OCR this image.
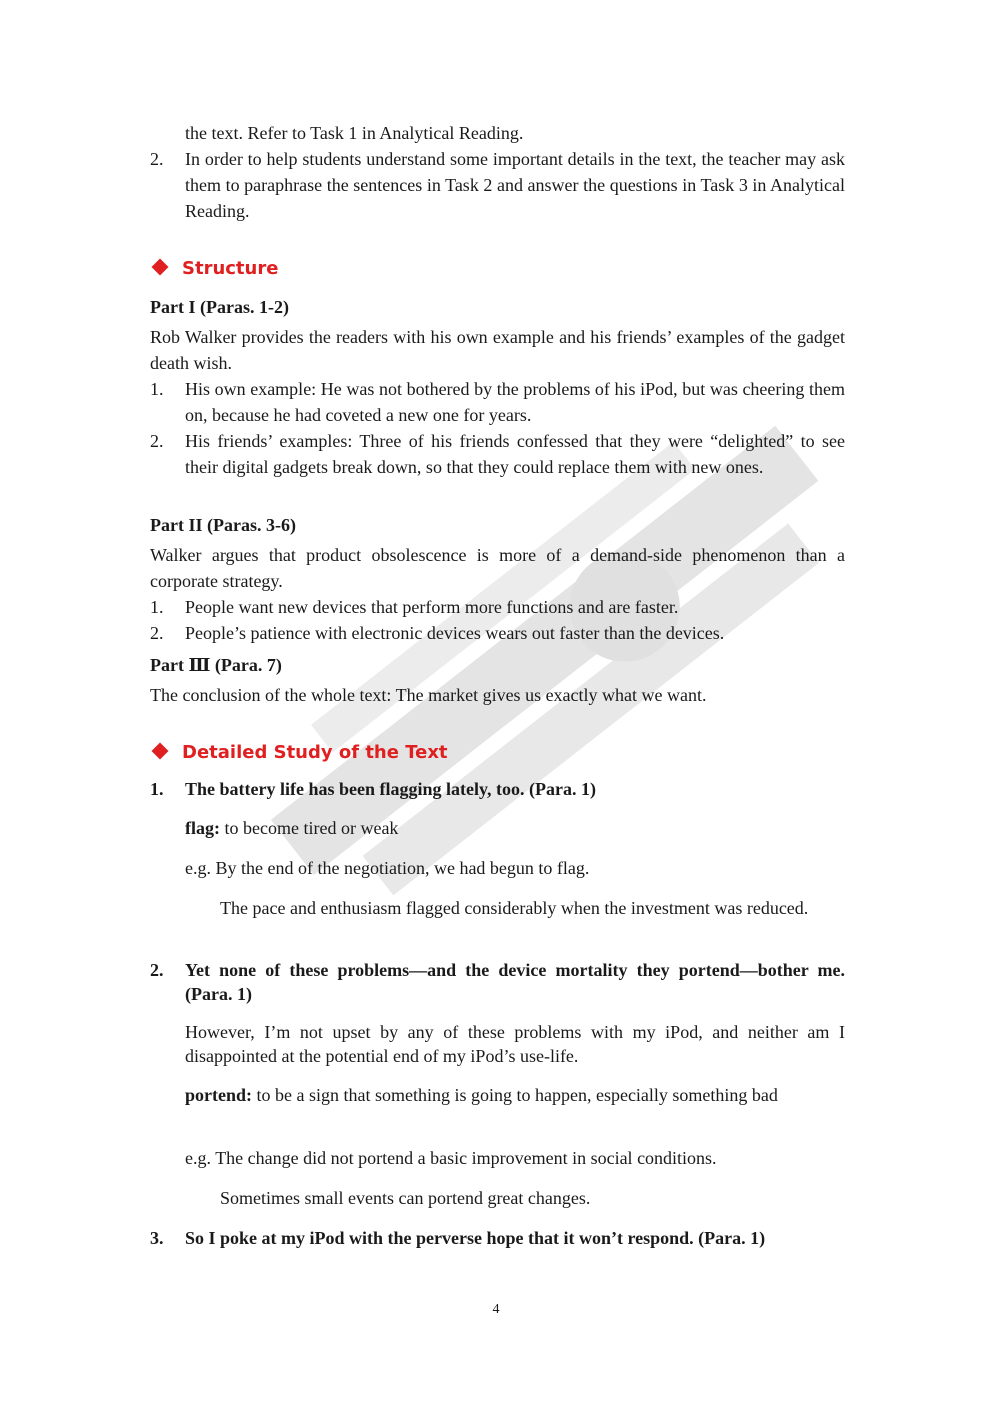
the text. Refer to Task 1 in Analytical Reading.
2.	In order to help students understand some important details in the text, the teacher may ask them to paraphrase the sentences in Task 2 and answer the questions in Task 3 in Analytical Reading.
Structure
Part I (Paras. 1-2)
Rob Walker provides the readers with his own example and his friends’ examples of the gadget death wish.
1.	His own example: He was not bothered by the problems of his iPod, but was cheering them on, because he had coveted a new one for years.
2.	His friends’ examples: Three of his friends confessed that they were “delighted” to see their digital gadgets break down, so that they could replace them with new ones.
Part II (Paras. 3-6)
Walker argues that product obsolescence is more of a demand-side phenomenon than a corporate strategy.
1.	People want new devices that perform more functions and are faster.
2.	People’s patience with electronic devices wears out faster than the devices.
Part Ⅲ (Para. 7)
The conclusion of the whole text: The market gives us exactly what we want.
Detailed Study of the Text
1.	The battery life has been flagging lately, too. (Para. 1)
flag: to become tired or weak
e.g. By the end of the negotiation, we had begun to flag.
The pace and enthusiasm flagged considerably when the investment was reduced.
2.	Yet none of these problems—and the device mortality they portend—bother me. (Para. 1)
However, I’m not upset by any of these problems with my iPod, and neither am I disappointed at the potential end of my iPod’s use-life.
portend: to be a sign that something is going to happen, especially something bad
e.g. The change did not portend a basic improvement in social conditions.
Sometimes small events can portend great changes.
3.	So I poke at my iPod with the perverse hope that it won’t respond. (Para. 1)
4
